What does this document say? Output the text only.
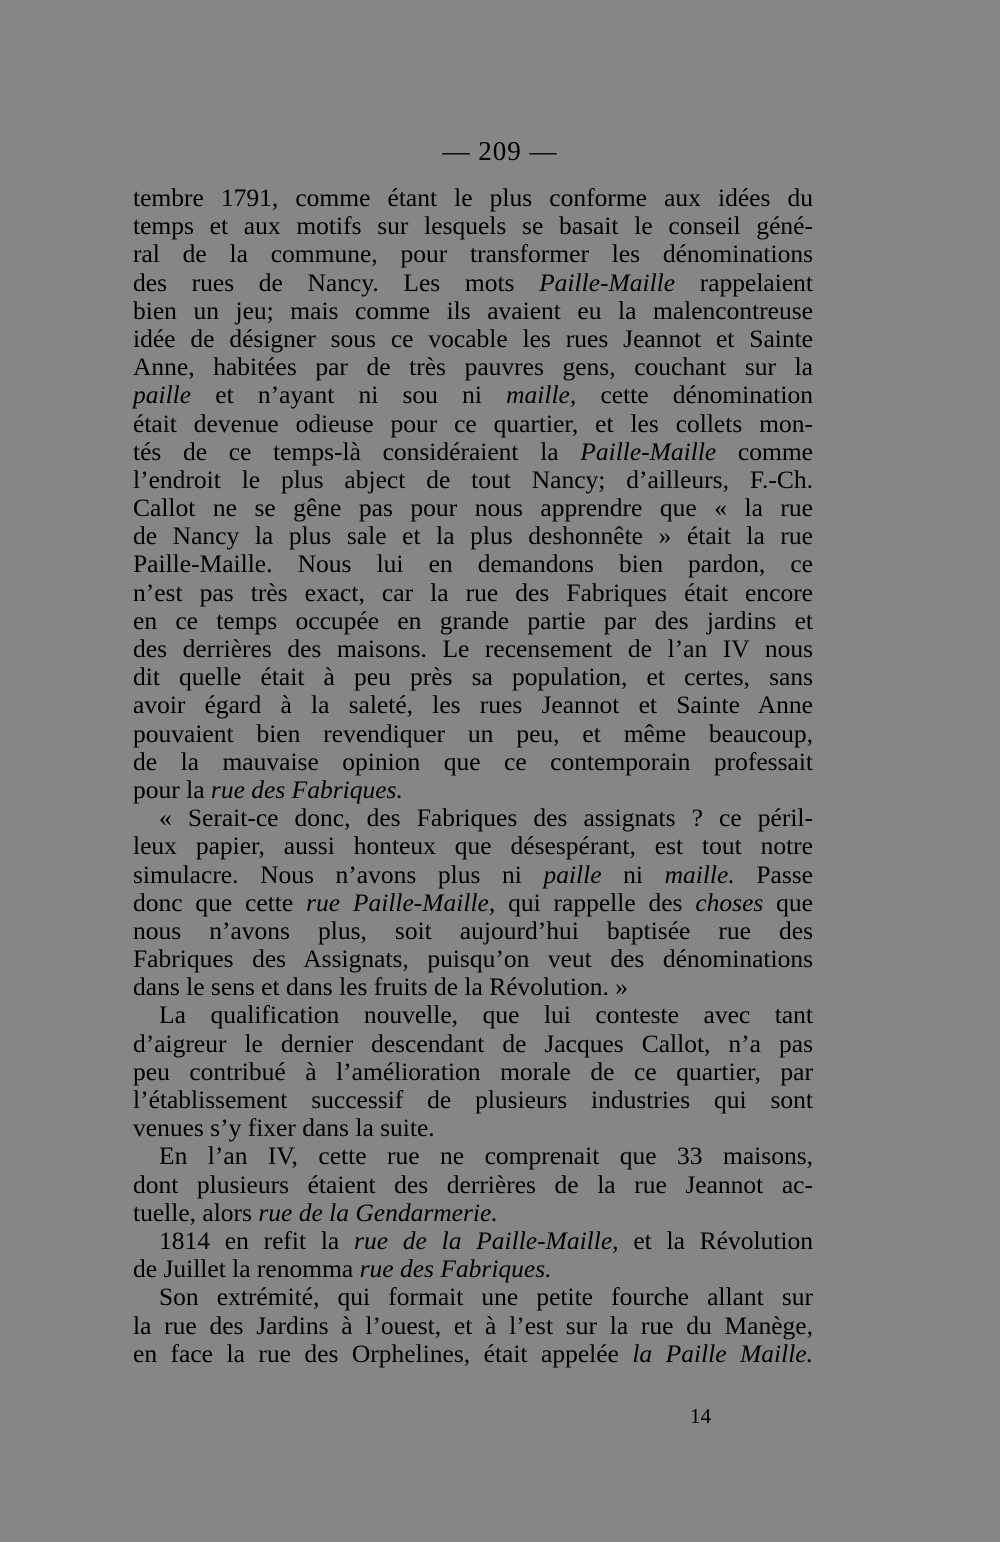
— 209 —
tembre 1791, comme étant le plus conforme aux idées du
temps et aux motifs sur lesquels se basait le conseil géné-
ral de la commune, pour transformer les dénominations
des rues de Nancy. Les mots Paille-Maille rappelaient
bien un jeu; mais comme ils avaient eu la malencontreuse
idée de désigner sous ce vocable les rues Jeannot et Sainte
Anne, habitées par de très pauvres gens, couchant sur la
paille et n’ayant ni sou ni maille, cette dénomination
était devenue odieuse pour ce quartier, et les collets mon-
tés de ce temps-là considéraient la Paille-Maille comme
l’endroit le plus abject de tout Nancy; d’ailleurs, F.-Ch.
Callot ne se gêne pas pour nous apprendre que « la rue
de Nancy la plus sale et la plus deshonnête » était la rue
Paille-Maille. Nous lui en demandons bien pardon, ce
n’est pas très exact, car la rue des Fabriques était encore
en ce temps occupée en grande partie par des jardins et
des derrières des maisons. Le recensement de l’an IV nous
dit quelle était à peu près sa population, et certes, sans
avoir égard à la saleté, les rues Jeannot et Sainte Anne
pouvaient bien revendiquer un peu, et même beaucoup,
de la mauvaise opinion que ce contemporain professait
pour la rue des Fabriques.
« Serait-ce donc, des Fabriques des assignats ? ce péril-
leux papier, aussi honteux que désespérant, est tout notre
simulacre. Nous n’avons plus ni paille ni maille. Passe
donc que cette rue Paille-Maille, qui rappelle des choses que
nous n’avons plus, soit aujourd’hui baptisée rue des
Fabriques des Assignats, puisqu’on veut des dénominations
dans le sens et dans les fruits de la Révolution. »
La qualification nouvelle, que lui conteste avec tant
d’aigreur le dernier descendant de Jacques Callot, n’a pas
peu contribué à l’amélioration morale de ce quartier, par
l’établissement successif de plusieurs industries qui sont
venues s’y fixer dans la suite.
En l’an IV, cette rue ne comprenait que 33 maisons,
dont plusieurs étaient des derrières de la rue Jeannot ac-
tuelle, alors rue de la Gendarmerie.
1814 en refit la rue de la Paille-Maille, et la Révolution
de Juillet la renomma rue des Fabriques.
Son extrémité, qui formait une petite fourche allant sur
la rue des Jardins à l’ouest, et à l’est sur la rue du Manège,
en face la rue des Orphelines, était appelée la Paille Maille.
14
